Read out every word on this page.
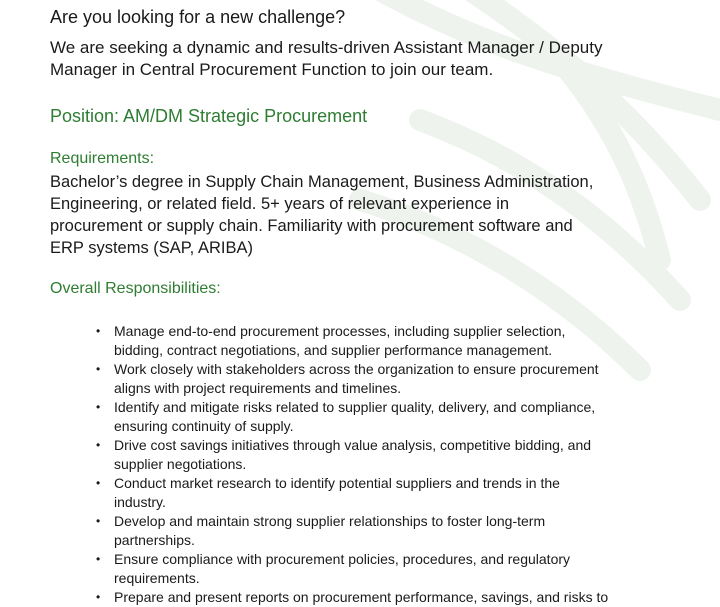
Are you looking for a new challenge?

We are seeking a dynamic and results-driven Assistant Manager / Deputy
Manager in Central Procurement Function to join our team.

Position: AM/DM Strategic Procurement

Requirements:

Bachelor’s degree in Supply Chain Management, Business Administration,
Engineering, or related field. 5+ years of relevant experience in
procurement or supply chain. Familiarity with procurement software and
ERP systems (SAP, ARIBA)

Overall Responsibilities:

• Manage end-to-end procurement processes, including supplier selection,
bidding, contract negotiations, and supplier performance management.
• Work closely with stakeholders across the organization to ensure procurement
aligns with project requirements and timelines.
• Identify and mitigate risks related to supplier quality, delivery, and compliance,
ensuring continuity of supply.
• Drive cost savings initiatives through value analysis, competitive bidding, and
supplier negotiations.
• Conduct market research to identify potential suppliers and trends in the
industry.
• Develop and maintain strong supplier relationships to foster long-term
partnerships.
• Ensure compliance with procurement policies, procedures, and regulatory
requirements.
• Prepare and present reports on procurement performance, savings, and risks to
